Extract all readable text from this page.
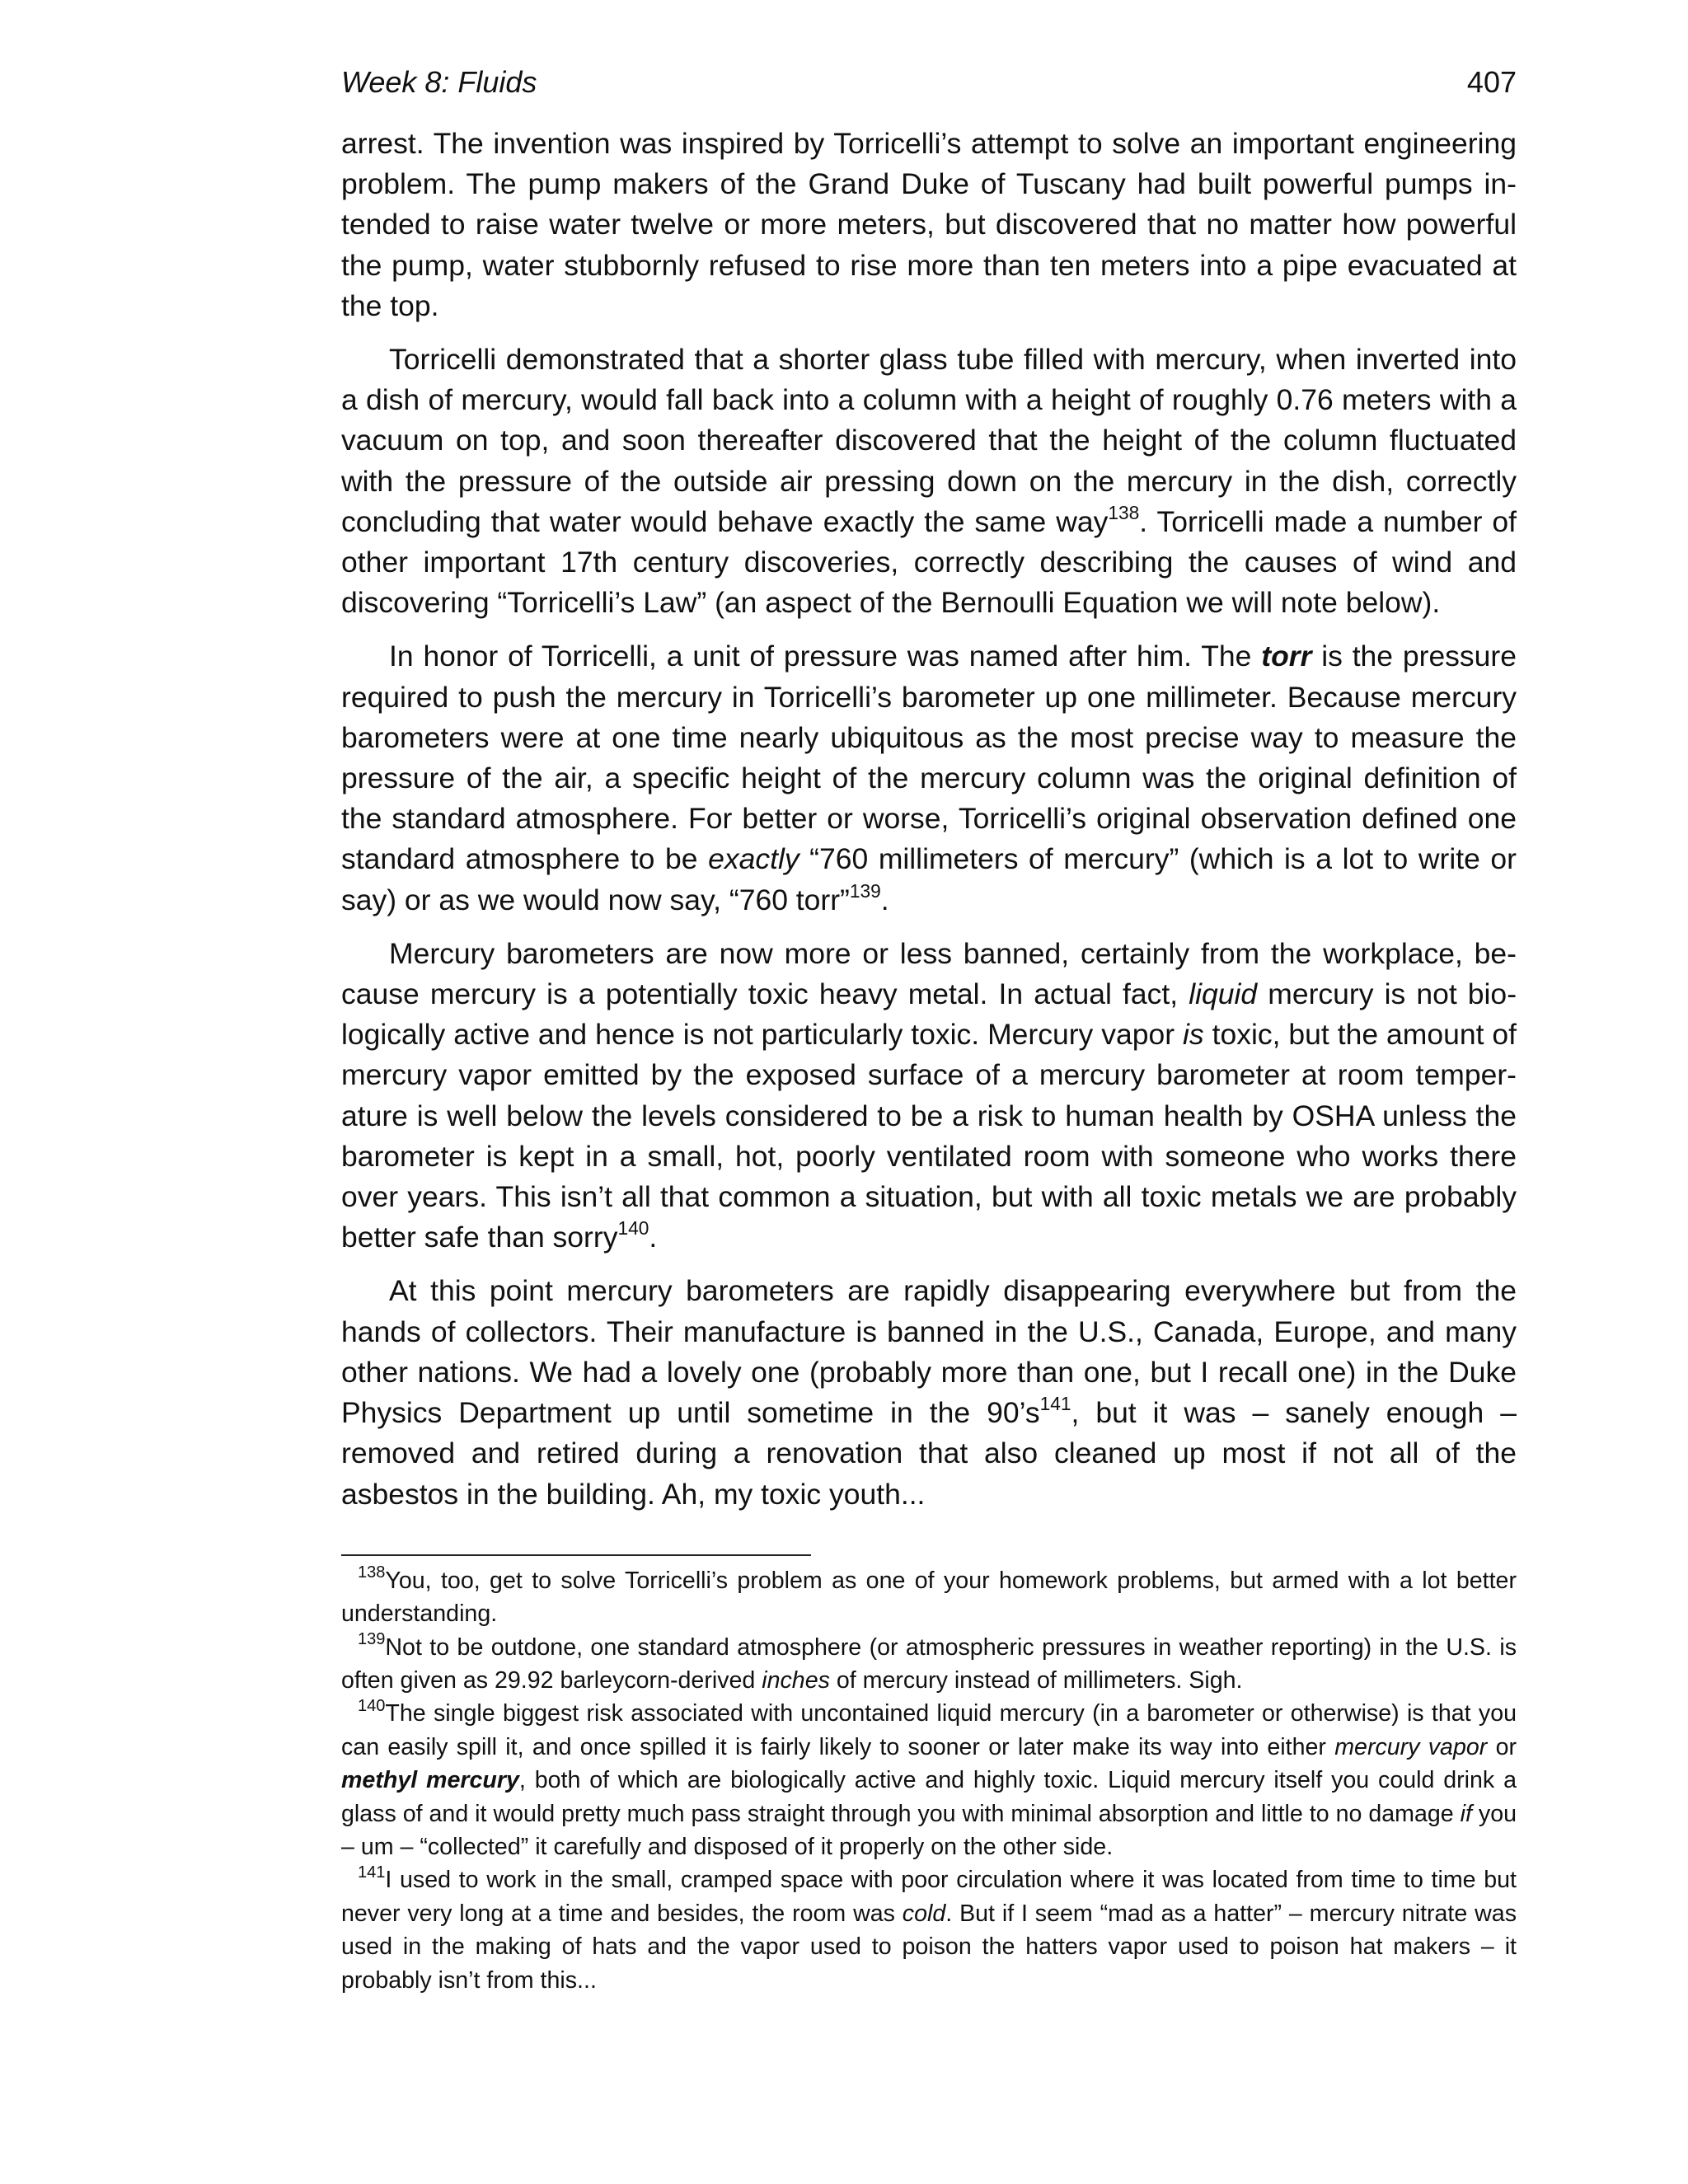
Week 8: Fluids	407

arrest. The invention was inspired by Torricelli’s attempt to solve an important engineering problem. The pump makers of the Grand Duke of Tuscany had built powerful pumps intended to raise water twelve or more meters, but discovered that no matter how powerful the pump, water stubbornly refused to rise more than ten meters into a pipe evacuated at the top.

Torricelli demonstrated that a shorter glass tube filled with mercury, when inverted into a dish of mercury, would fall back into a column with a height of roughly 0.76 meters with a vacuum on top, and soon thereafter discovered that the height of the column fluctuated with the pressure of the outside air pressing down on the mercury in the dish, correctly concluding that water would behave exactly the same way$^{138}$. Torricelli made a number of other important 17th century discoveries, correctly describing the causes of wind and discovering “Torricelli’s Law” (an aspect of the Bernoulli Equation we will note below).

In honor of Torricelli, a unit of pressure was named after him. The torr is the pressure required to push the mercury in Torricelli’s barometer up one millimeter. Because mercury barometers were at one time nearly ubiquitous as the most precise way to measure the pressure of the air, a specific height of the mercury column was the original definition of the standard atmosphere. For better or worse, Torricelli’s original observation defined one standard atmosphere to be exactly “760 millimeters of mercury” (which is a lot to write or say) or as we would now say, “760 torr”$^{139}$.

Mercury barometers are now more or less banned, certainly from the workplace, because mercury is a potentially toxic heavy metal. In actual fact, liquid mercury is not biologically active and hence is not particularly toxic. Mercury vapor is toxic, but the amount of mercury vapor emitted by the exposed surface of a mercury barometer at room temperature is well below the levels considered to be a risk to human health by OSHA unless the barometer is kept in a small, hot, poorly ventilated room with someone who works there over years. This isn’t all that common a situation, but with all toxic metals we are probably better safe than sorry$^{140}$.

At this point mercury barometers are rapidly disappearing everywhere but from the hands of collectors. Their manufacture is banned in the U.S., Canada, Europe, and many other nations. We had a lovely one (probably more than one, but I recall one) in the Duke Physics Department up until sometime in the $90’s^{141}$, but it was – sanely enough – removed and retired during a renovation that also cleaned up most if not all of the asbestos in the building. Ah, my toxic youth...

$^{138}$You, too, get to solve Torricelli’s problem as one of your homework problems, but armed with a lot better understanding.

$^{139}$Not to be outdone, one standard atmosphere (or atmospheric pressures in weather reporting) in the U.S. is often given as 29.92 barleycorn-derived inches of mercury instead of millimeters. Sigh.

$^{140}$The single biggest risk associated with uncontained liquid mercury (in a barometer or otherwise) is that you can easily spill it, and once spilled it is fairly likely to sooner or later make its way into either mercury vapor or methyl mercury, both of which are biologically active and highly toxic. Liquid mercury itself you could drink a glass of and it would pretty much pass straight through you with minimal absorption and little to no damage if you – um – “collected” it carefully and disposed of it properly on the other side.

$^{141}$I used to work in the small, cramped space with poor circulation where it was located from time to time but never very long at a time and besides, the room was cold. But if I seem “mad as a hatter” – mercury nitrate was used in the making of hats and the vapor used to poison the hatters vapor used to poison hat makers – it probably isn’t from this...
